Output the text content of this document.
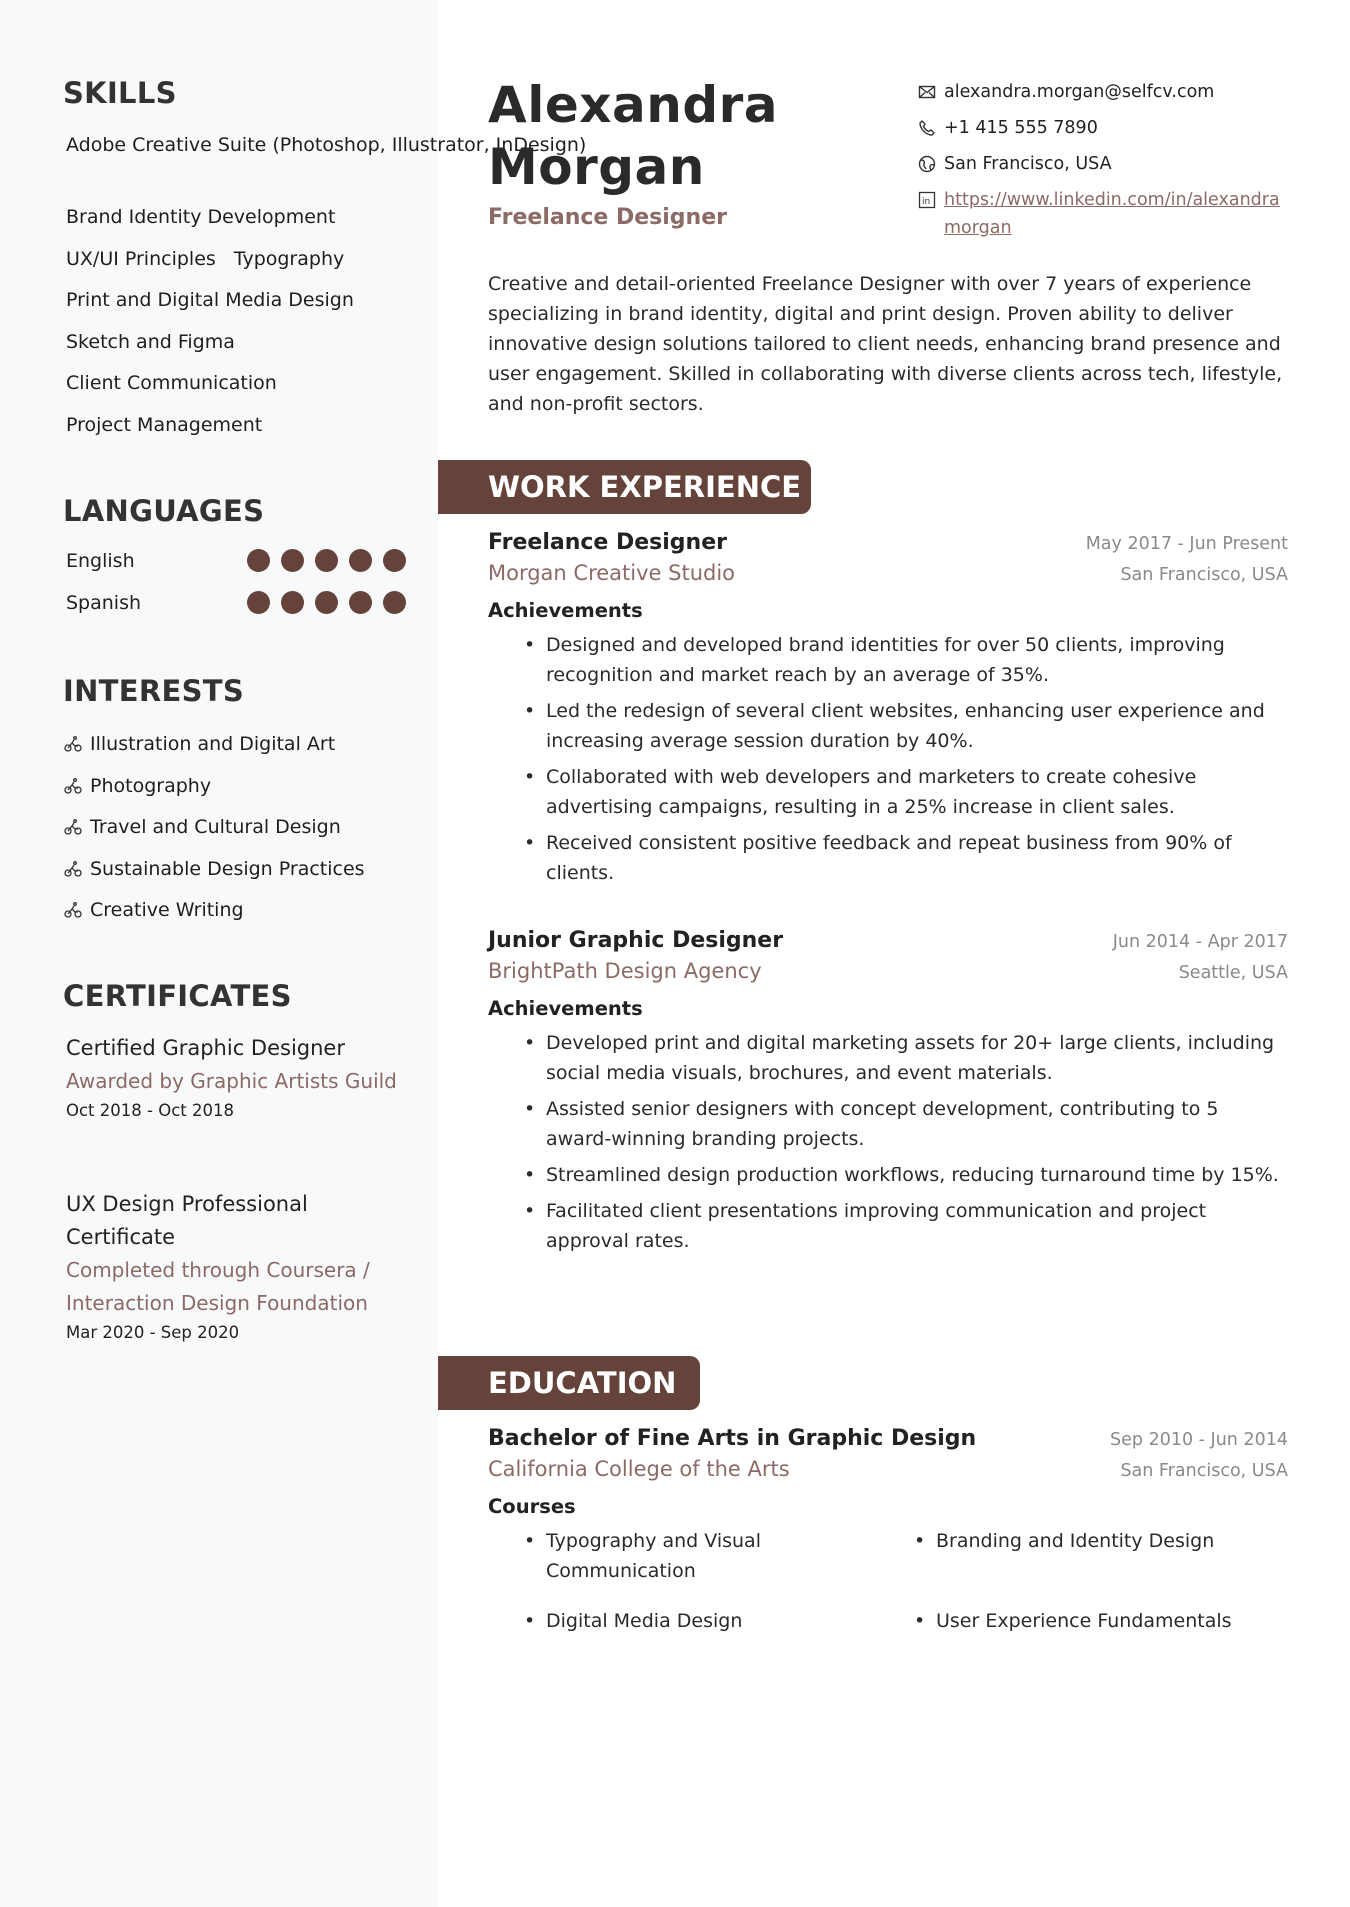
SKILLS
Adobe Creative Suite (Photoshop, Illustrator, InDesign)
Brand Identity Development
UX/UI Principles Typography
Print and Digital Media Design
Sketch and Figma
Client Communication
Project Management
LANGUAGES
English
Spanish
INTERESTS
Illustration and Digital Art
Photography
Travel and Cultural Design
Sustainable Design Practices
Creative Writing
CERTIFICATES
Certified Graphic Designer
Awarded by Graphic Artists Guild
Oct 2018 - Oct 2018
UX Design Professional Certificate
Completed through Coursera / Interaction Design Foundation
Mar 2020 - Sep 2020
Alexandra
Morgan
Freelance Designer
alexandra.morgan@selfcv.com
+1 415 555 7890
San Francisco, USA
in https://www.linkedin.com/in/alexandramorgan
Creative and detail-oriented Freelance Designer with over 7 years of experience specializing in brand identity, digital and print design. Proven ability to deliver innovative design solutions tailored to client needs, enhancing brand presence and user engagement. Skilled in collaborating with diverse clients across tech, lifestyle, and non-profit sectors.
WORK EXPERIENCE
Freelance Designer	May 2017 - Jun Present
Morgan Creative Studio	San Francisco, USA
Achievements
• Designed and developed brand identities for over 50 clients, improving recognition and market reach by an average of 35%.
• Led the redesign of several client websites, enhancing user experience and increasing average session duration by 40%.
• Collaborated with web developers and marketers to create cohesive advertising campaigns, resulting in a 25% increase in client sales.
• Received consistent positive feedback and repeat business from 90% of clients.
Junior Graphic Designer	Jun 2014 - Apr 2017
BrightPath Design Agency	Seattle, USA
Achievements
• Developed print and digital marketing assets for 20+ large clients, including social media visuals, brochures, and event materials.
• Assisted senior designers with concept development, contributing to 5 award-winning branding projects.
• Streamlined design production workflows, reducing turnaround time by 15%.
• Facilitated client presentations improving communication and project approval rates.
EDUCATION
Bachelor of Fine Arts in Graphic Design	Sep 2010 - Jun 2014
California College of the Arts	San Francisco, USA
Courses
• Typography and Visual Communication
• Branding and Identity Design
• Digital Media Design	• User Experience Fundamentals
